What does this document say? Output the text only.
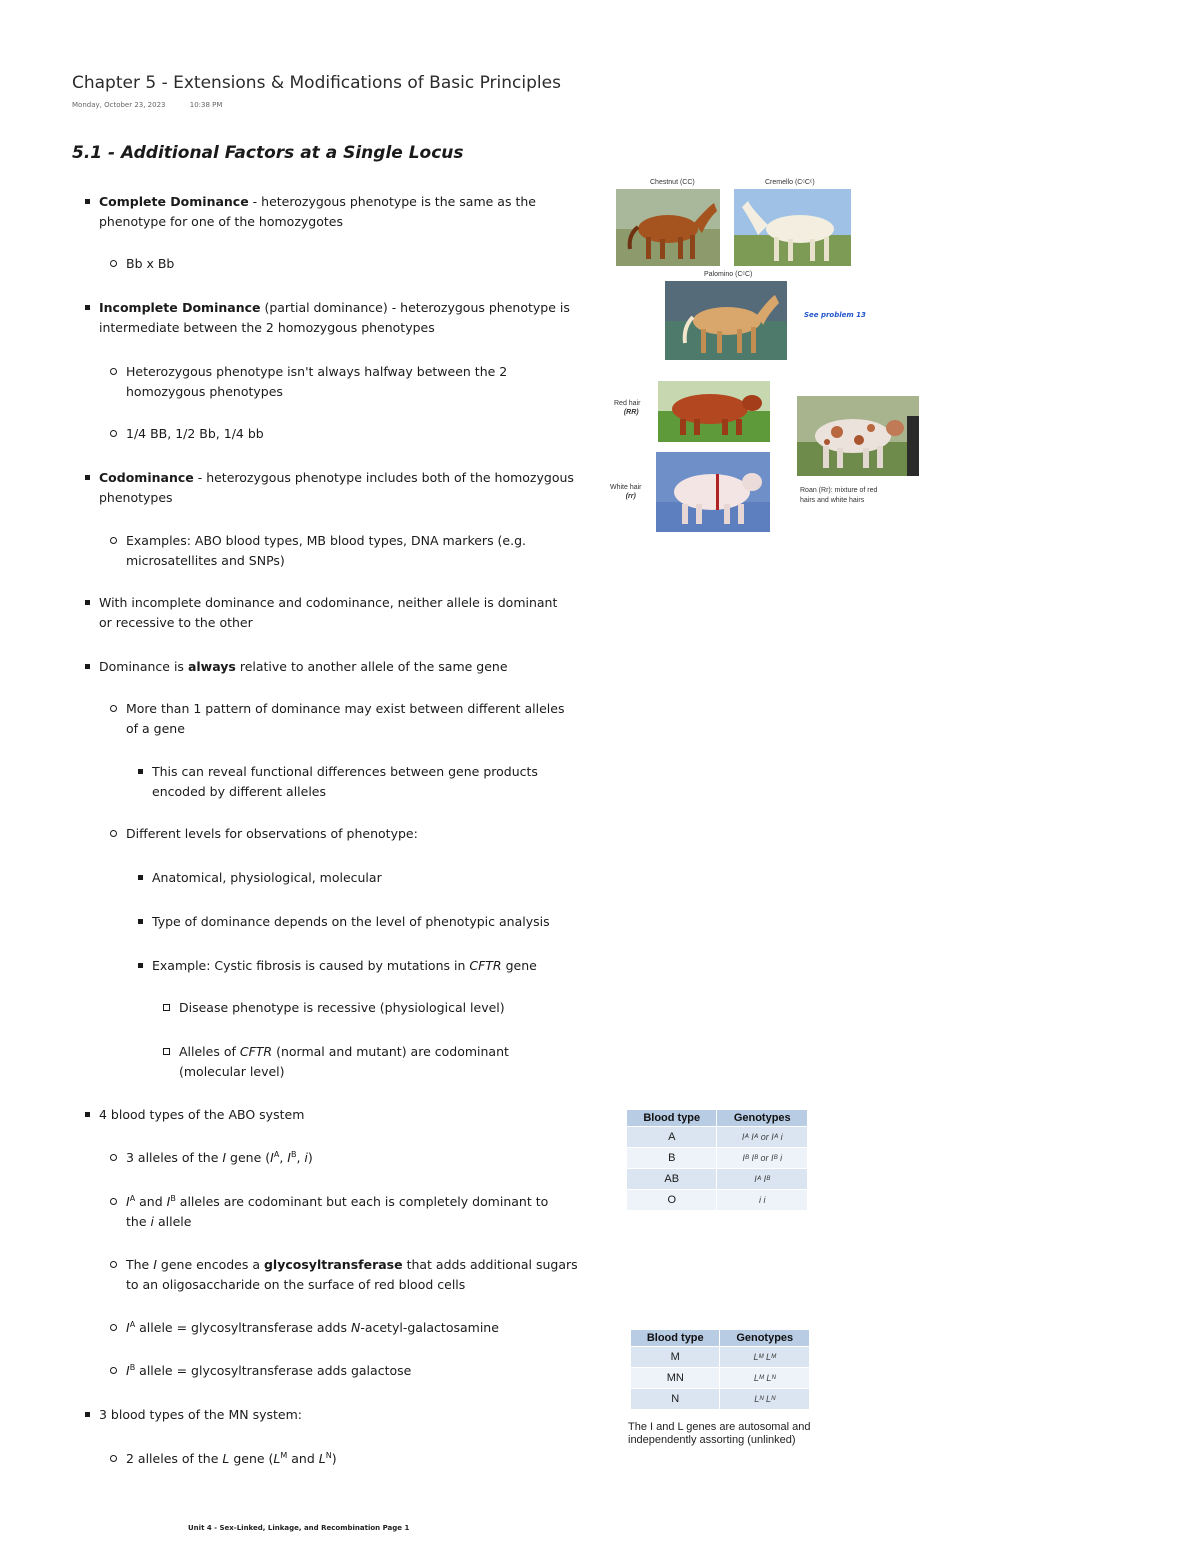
Chapter 5 - Extensions & Modifications of Basic Principles
Monday, October 23, 2023	10:38 PM
5.1 - Additional Factors at a Single Locus
Complete Dominance - heterozygous phenotype is the same as the
phenotype for one of the homozygotes
Bb x Bb
Incomplete Dominance (partial dominance) - heterozygous phenotype is
intermediate between the 2 homozygous phenotypes
Heterozygous phenotype isn't always halfway between the 2
homozygous phenotypes
1/4 BB, 1/2 Bb, 1/4 bb
Codominance - heterozygous phenotype includes both of the homozygous
phenotypes
Examples: ABO blood types, MB blood types, DNA markers (e.g.
microsatellites and SNPs)
With incomplete dominance and codominance, neither allele is dominant
or recessive to the other
Dominance is always relative to another allele of the same gene
More than 1 pattern of dominance may exist between different alleles
of a gene
This can reveal functional differences between gene products
encoded by different alleles
Different levels for observations of phenotype:
Anatomical, physiological, molecular
Type of dominance depends on the level of phenotypic analysis
Example: Cystic fibrosis is caused by mutations in CFTR gene
Disease phenotype is recessive (physiological level)
Alleles of CFTR (normal and mutant) are codominant
(molecular level)
4 blood types of the ABO system
3 alleles of the I gene ($I^A$, $I^B$, i)
$I^A$ and $I^B$ alleles are codominant but each is completely dominant to
the i allele
The I gene encodes a glycosyltransferase that adds additional sugars
to an oligosaccharide on the surface of red blood cells
$I^A$ allele = glycosyltransferase adds N-acetyl-galactosamine
$I^B$ allele = glycosyltransferase adds galactose
3 blood types of the MN system:
2 alleles of the L gene ($L^M$ and $L^N$)
Chestnut (CC)	Cremello (CᶜCᶜ)
Palomino (CᶜC)
See problem 13
Red hair
(RR)
White hair
(rr)
Roan (Rr): mixture of red
hairs and white hairs
Blood type	Genotypes
A	Iᴬ Iᴬ or Iᴬ i
B	Iᴮ Iᴮ or Iᴮ i
AB	Iᴬ Iᴮ
O	i i
Blood type	Genotypes
M	Lᴹ Lᴹ
MN	Lᴹ Lᴺ
N	Lᴺ Lᴺ
The I and L genes are autosomal and
independently assorting (unlinked)
Unit 4 - Sex-Linked, Linkage, and Recombination Page 1
